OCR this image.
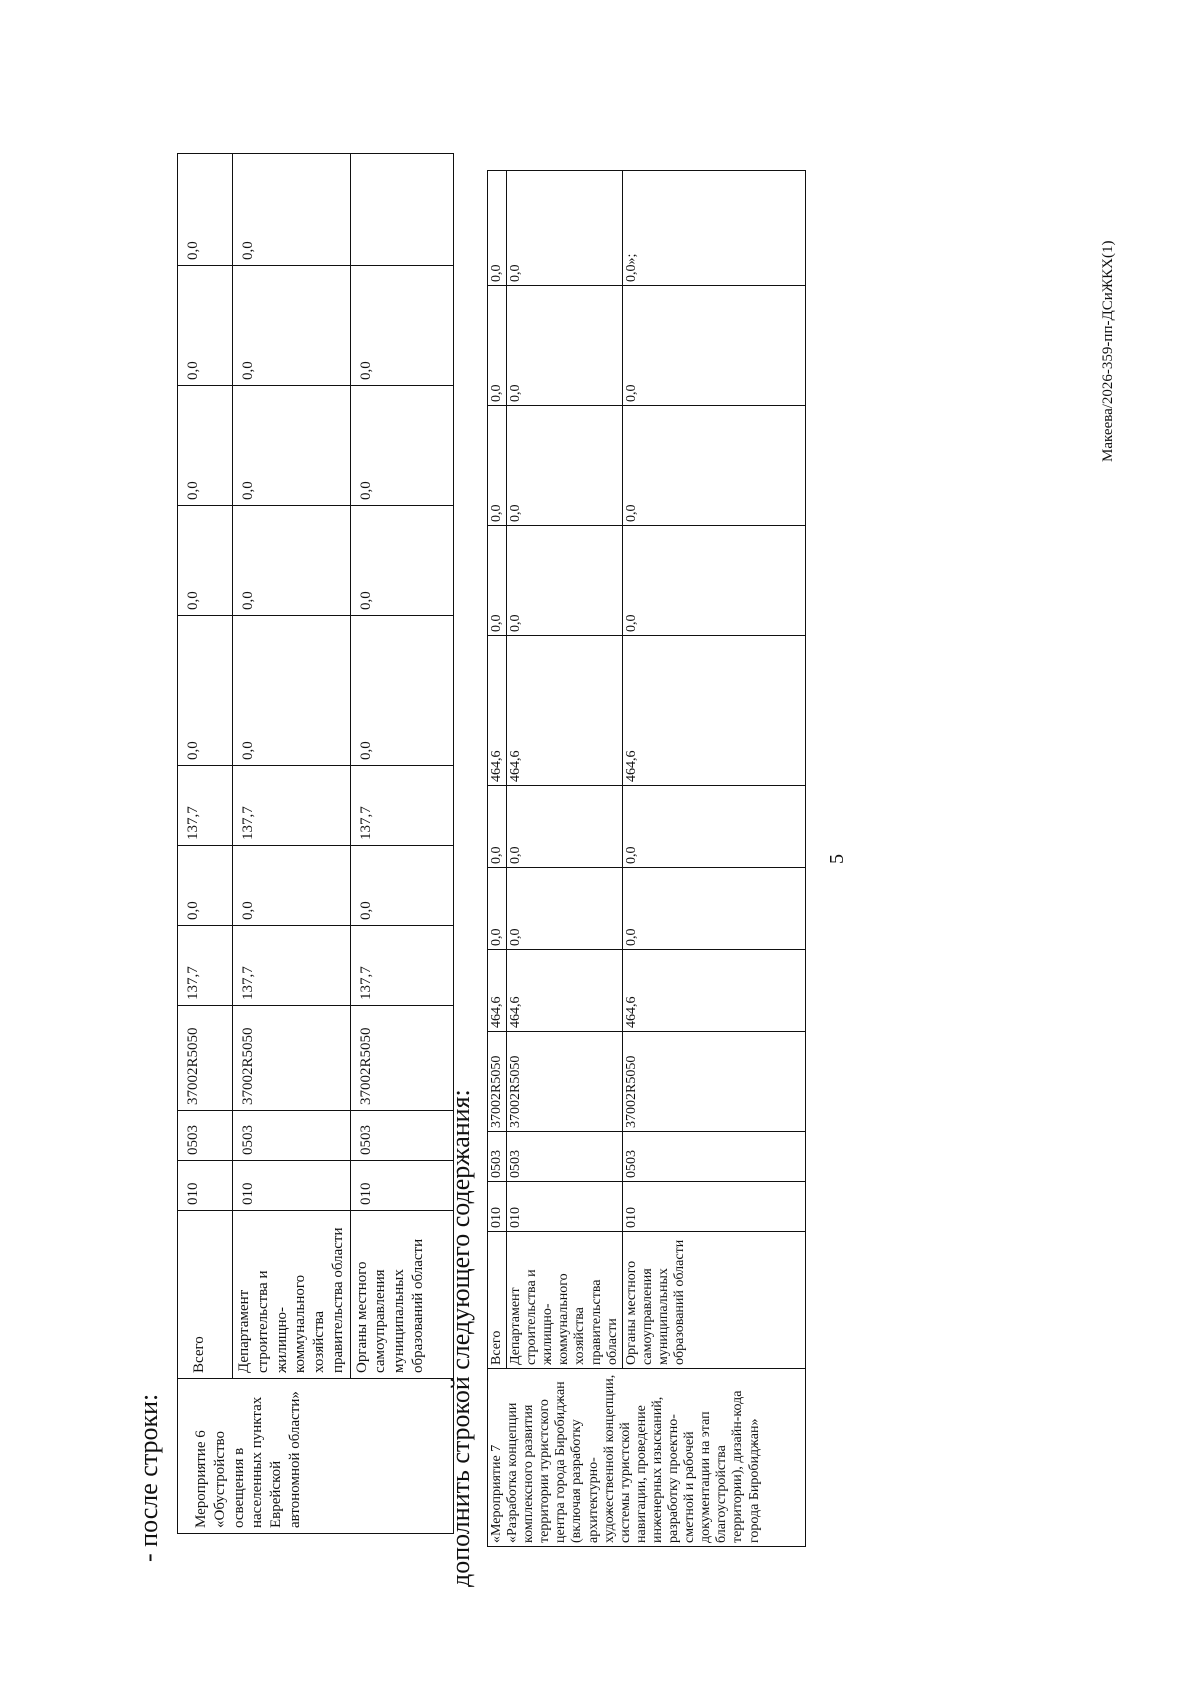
5
- после строки: Мероприятие 6 «Обустройство освещения в населенных пунктах Еврейской автономной области»	Всего	010	0503	37002R5050	137,7	0,0	137,7	0,0	0,0	0,0	0,0	0,0
	Департамент строительства и жилищно-коммунального хозяйства правительства области	010	0503	37002R5050	137,7	0,0	137,7	0,0	0,0	0,0	0,0	0,0
	Органы местного самоуправления муниципальных образований области	010	0503	37002R5050	137,7	0,0	137,7	0,0	0,0	0,0	0,0	
дополнить строкой следующего содержания: «Мероприятие 7 «Разработка концепции комплексного развития территории туристского центра города Биробиджан (включая разработку архитектурно-художественной концепции, системы туристской навигации, проведение инженерных изысканий, разработку проектно-сметной и рабочей документации на этап благоустройства территории), дизайн-кода города Биробиджан»	Всего	010	0503	37002R5050	464,6	0,0	0,0	464,6	0,0	0,0	0,0	0,0
	Департамент строительства и жилищно-коммунального хозяйства правительства области	010	0503	37002R5050	464,6	0,0	0,0	464,6	0,0	0,0	0,0	0,0
	Органы местного самоуправления муниципальных образований области	010	0503	37002R5050	464,6	0,0	0,0	464,6	0,0	0,0	0,0	0,0»;	Макеева/2026-359-пп-ДСиЖКХ(1)
